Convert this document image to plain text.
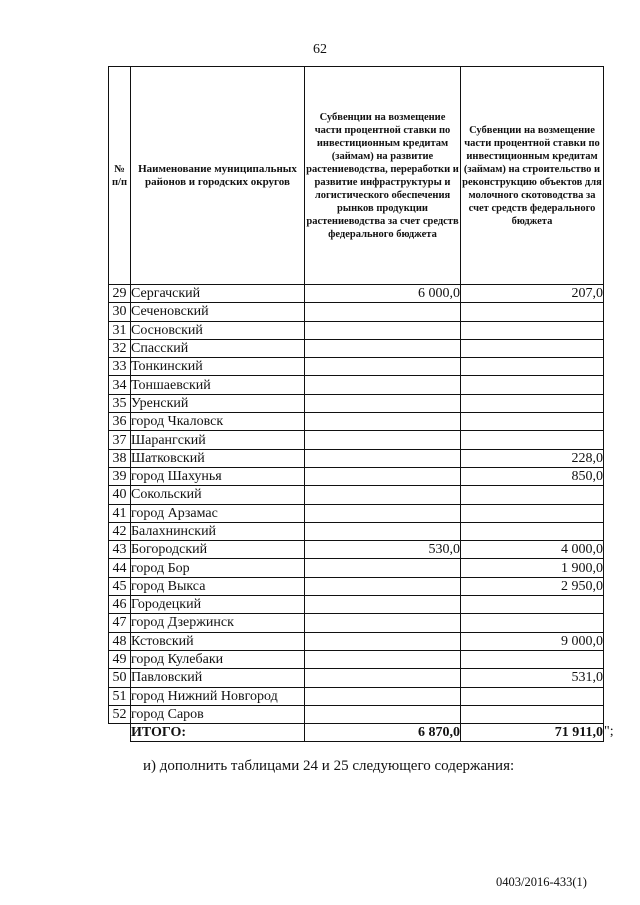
62
№ п/п	Наименование муниципальных районов и городских округов	Субвенции на возмещение части процентной ставки по инвестиционным кредитам (займам) на развитие растениеводства, переработки и развитие инфраструктуры и логистического обеспечения рынков продукции растениеводства за счет средств федерального бюджета	Субвенции на возмещение части процентной ставки по инвестиционным кредитам (займам) на строительство и реконструкцию объектов для молочного скотоводства за счет средств федерального бюджета
29	Сергачский	6 000,0	207,0
30	Сеченовский		
31	Сосновский		
32	Спасский		
33	Тонкинский		
34	Тоншаевский		
35	Уренский		
36	город Чкаловск		
37	Шарангский		
38	Шатковский		228,0
39	город Шахунья		850,0
40	Сокольский		
41	город Арзамас		
42	Балахнинский		
43	Богородский	530,0	4 000,0
44	город Бор		1 900,0
45	город Выкса		2 950,0
46	Городецкий		
47	город Дзержинск		
48	Кстовский		9 000,0
49	город Кулебаки		
50	Павловский		531,0
51	город Нижний Новгород		
52	город Саров		
	ИТОГО:	6 870,0	71 911,0 ";
и) дополнить таблицами 24 и 25 следующего содержания:
0403/2016-433(1)
